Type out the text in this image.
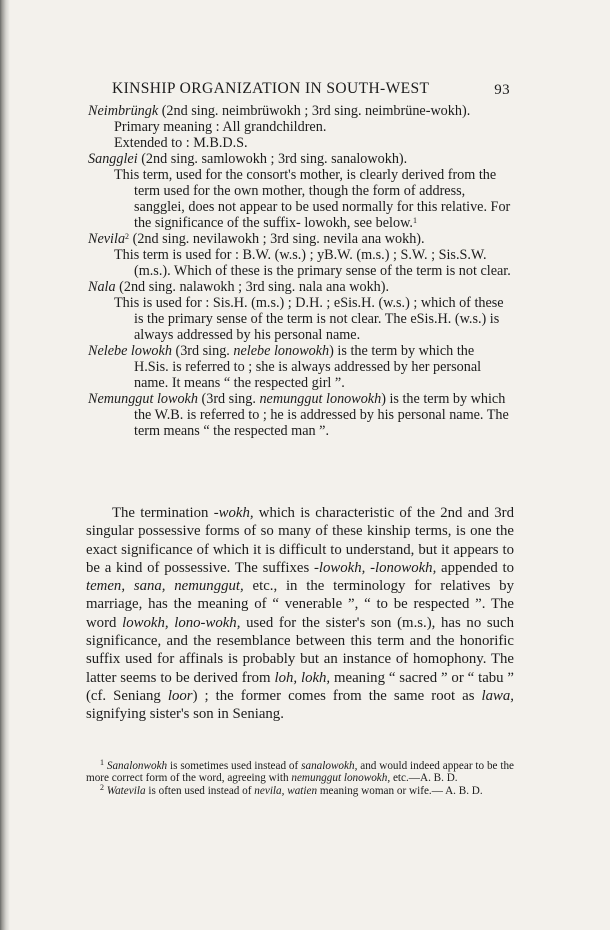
KINSHIP ORGANIZATION IN SOUTH-WEST	93

Neimbrüngk (2nd sing. neimbrüwokh ; 3rd sing. neimbrüne-wokh).

Primary meaning : All grandchildren.

Extended to : M.B.D.S.

Sangglei (2nd sing. samlowokh ; 3rd sing. sanalowokh).

This term, used for the consort's mother, is clearly derived from the term used for the own mother, though the form of address, sangglei, does not appear to be used normally for this relative. For the significance of the suffix- lowokh, see below.$^1$

Nevila$^2$ (2nd sing. nevilawokh ; 3rd sing. nevila ana wokh).

This term is used for : B.W. (w.s.) ; yB.W. (m.s.) ; S.W. ; Sis.S.W. (m.s.). Which of these is the primary sense of the term is not clear.

Nala (2nd sing. nalawokh ; 3rd sing. nala ana wokh).

This is used for : Sis.H. (m.s.) ; D.H. ; eSis.H. (w.s.) ; which of these is the primary sense of the term is not clear. The eSis.H. (w.s.) is always addressed by his personal name.

Nelebe lowokh (3rd sing. nelebe lonowokh) is the term by which the H.Sis. is referred to ; she is always addressed by her personal name. It means “ the respected girl ”.

Nemunggut lowokh (3rd sing. nemunggut lonowokh) is the term by which the W.B. is referred to ; he is addressed by his personal name. The term means “ the respected man ”.

The termination -wokh, which is characteristic of the 2nd and 3rd singular possessive forms of so many of these kinship terms, is one the exact significance of which it is difficult to understand, but it appears to be a kind of possessive. The suffixes -lowokh, -lonowokh, appended to temen, sana, nemunggut, etc., in the terminology for relatives by marriage, has the meaning of “ venerable ”, “ to be respected ”. The word lowokh, lono-wokh, used for the sister's son (m.s.), has no such significance, and the resemblance between this term and the honorific suffix used for affinals is probably but an instance of homophony. The latter seems to be derived from loh, lokh, meaning “ sacred ” or “ tabu ” (cf. Seniang loor) ; the former comes from the same root as lawa, signifying sister's son in Seniang.

$^1$ Sanalonwokh is sometimes used instead of sanalowokh, and would indeed appear to be the more correct form of the word, agreeing with nemunggut lonowokh, etc.—A. B. D.

$^2$ Watevila is often used instead of nevila, watien meaning woman or wife.— A. B. D.
